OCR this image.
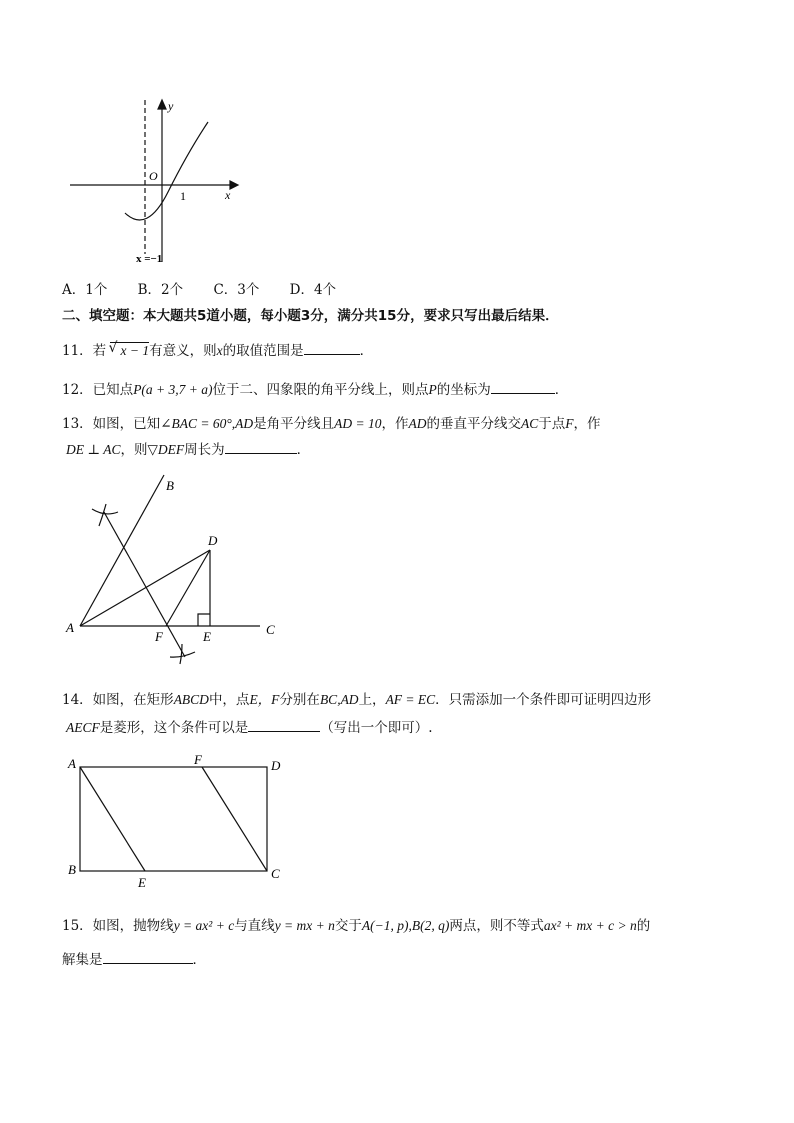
y
x
O
1
x =−1
A．1个 B．2个 C．3个 D．4个
二、填空题：本大题共5道小题，每小题3分，满分共15分，要求只写出最后结果．
11．若 √ x − 1有意义，则x的取值范围是	．
12．已知点P(a + 3,7 + a)位于二、四象限的角平分线上，则点P的坐标为	．
13．如图，已知∠BAC = 60°,AD是角平分线且AD = 10，作AD的垂直平分线交AC于点F，作
DE ⊥ AC，则▽DEF周长为	．
A
B
C
D
E
F
14．如图，在矩形ABCD中，点E，F分别在BC,AD上，AF = EC．只需添加一个条件即可证明四边形
AECF是菱形，这个条件可以是	（写出一个即可）.
A
B	C
D
E
F
15．如图，抛物线y = ax² + c与直线y = mx + n交于A(−1, p),B(2, q)两点，则不等式ax² + mx + c > n的
解集是	．
